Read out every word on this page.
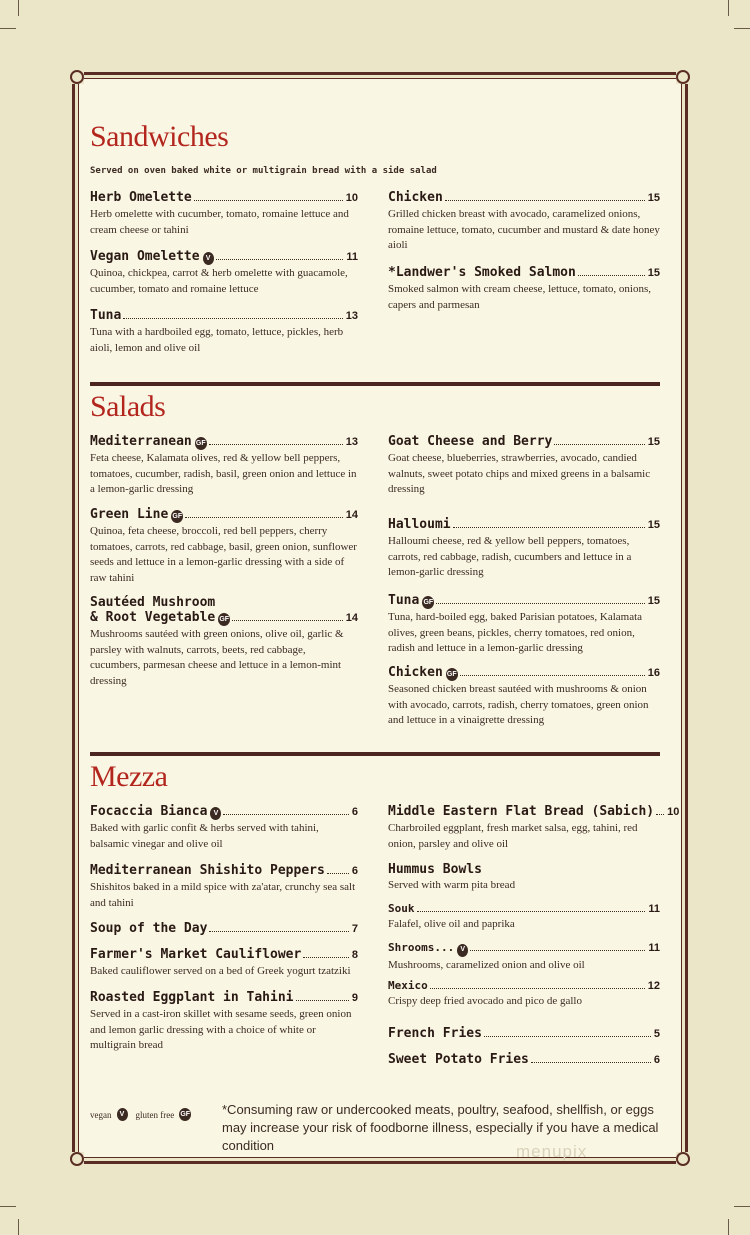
Sandwiches
Served on oven baked white or multigrain bread with a side salad
Herb Omelette	10
Herb omelette with cucumber, tomato, romaine lettuce and cream cheese or tahini
Vegan Omelette V	11
Quinoa, chickpea, carrot & herb omelette with guacamole, cucumber, tomato and romaine lettuce
Tuna	13
Tuna with a hardboiled egg, tomato, lettuce, pickles, herb aioli, lemon and olive oil
Chicken	15
Grilled chicken breast with avocado, caramelized onions, romaine lettuce, tomato, cucumber and mustard & date honey aioli
*Landwer's Smoked Salmon	15
Smoked salmon with cream cheese, lettuce, tomato, onions, capers and parmesan
Salads
Mediterranean GF	13
Feta cheese, Kalamata olives, red & yellow bell peppers, tomatoes, cucumber, radish, basil, green onion and lettuce in a lemon-garlic dressing
Green Line GF	14
Quinoa, feta cheese, broccoli, red bell peppers, cherry tomatoes, carrots, red cabbage, basil, green onion, sunflower seeds and lettuce in a lemon-garlic dressing with a side of raw tahini
Sautéed Mushroom
& Root Vegetable GF	14
Mushrooms sautéed with green onions, olive oil, garlic & parsley with walnuts, carrots, beets, red cabbage, cucumbers, parmesan cheese and lettuce in a lemon-mint dressing
Goat Cheese and Berry	15
Goat cheese, blueberries, strawberries, avocado, candied walnuts, sweet potato chips and mixed greens in a balsamic dressing
Halloumi	15
Halloumi cheese, red & yellow bell peppers, tomatoes, carrots, red cabbage, radish, cucumbers and lettuce in a lemon-garlic dressing
Tuna GF	15
Tuna, hard-boiled egg, baked Parisian potatoes, Kalamata olives, green beans, pickles, cherry tomatoes, red onion, radish and lettuce in a lemon-garlic dressing
Chicken GF	16
Seasoned chicken breast sautéed with mushrooms & onion with avocado, carrots, radish, cherry tomatoes, green onion and lettuce in a vinaigrette dressing
Mezza
Focaccia Bianca V	6
Baked with garlic confit & herbs served with tahini, balsamic vinegar and olive oil
Mediterranean Shishito Peppers 6
Shishitos baked in a mild spice with za'atar, crunchy sea salt and tahini
Soup of the Day	7
Farmer's Market Cauliflower	8
Baked cauliflower served on a bed of Greek yogurt tzatziki
Roasted Eggplant in Tahini	9
Served in a cast-iron skillet with sesame seeds, green onion and lemon garlic dressing with a choice of white or multigrain bread
Middle Eastern Flat Bread (Sabich) 10
Charbroiled eggplant, fresh market salsa, egg, tahini, red onion, parsley and olive oil
Hummus Bowls
Served with warm pita bread
Souk	11
Falafel, olive oil and paprika
Shrooms... V	11
Mushrooms, caramelized onion and olive oil
Mexico	12
Crispy deep fried avocado and pico de gallo
French Fries	5
Sweet Potato Fries	6
vegan	V	gluten free GF *Consuming raw or undercooked meats, poultry, seafood, shellfish, or eggs may increase your risk of foodborne illness, especially if you have a medical condition	menupix
